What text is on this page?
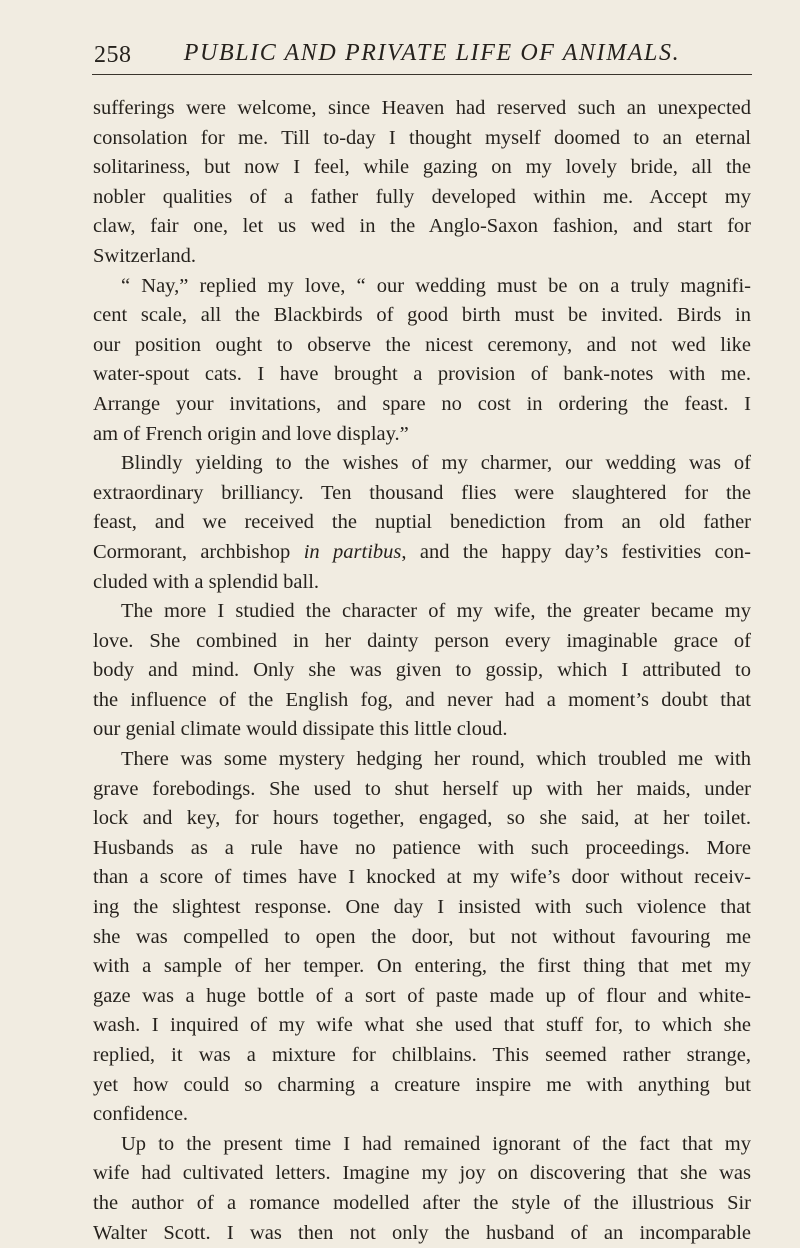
258	PUBLIC AND PRIVATE LIFE OF ANIMALS.
sufferings were welcome, since Heaven had reserved such an unexpected
consolation for me. Till to-day I thought myself doomed to an eternal
solitariness, but now I feel, while gazing on my lovely bride, all the
nobler qualities of a father fully developed within me. Accept my
claw, fair one, let us wed in the Anglo-Saxon fashion, and start for
Switzerland.
“ Nay,” replied my love, “ our wedding must be on a truly magnifi-
cent scale, all the Blackbirds of good birth must be invited. Birds in
our position ought to observe the nicest ceremony, and not wed like
water-spout cats. I have brought a provision of bank-notes with me.
Arrange your invitations, and spare no cost in ordering the feast. I
am of French origin and love display.”
Blindly yielding to the wishes of my charmer, our wedding was of
extraordinary brilliancy. Ten thousand flies were slaughtered for the
feast, and we received the nuptial benediction from an old father
Cormorant, archbishop in partibus, and the happy day’s festivities con-
cluded with a splendid ball.
The more I studied the character of my wife, the greater became my
love. She combined in her dainty person every imaginable grace of
body and mind. Only she was given to gossip, which I attributed to
the influence of the English fog, and never had a moment’s doubt that
our genial climate would dissipate this little cloud.
There was some mystery hedging her round, which troubled me with
grave forebodings. She used to shut herself up with her maids, under
lock and key, for hours together, engaged, so she said, at her toilet.
Husbands as a rule have no patience with such proceedings. More
than a score of times have I knocked at my wife’s door without receiv-
ing the slightest response. One day I insisted with such violence that
she was compelled to open the door, but not without favouring me
with a sample of her temper. On entering, the first thing that met my
gaze was a huge bottle of a sort of paste made up of flour and white-
wash. I inquired of my wife what she used that stuff for, to which she
replied, it was a mixture for chilblains. This seemed rather strange,
yet how could so charming a creature inspire me with anything but
confidence.
Up to the present time I had remained ignorant of the fact that my
wife had cultivated letters. Imagine my joy on discovering that she was
the author of a romance modelled after the style of the illustrious Sir
Walter Scott. I was then not only the husband of an incomparable
